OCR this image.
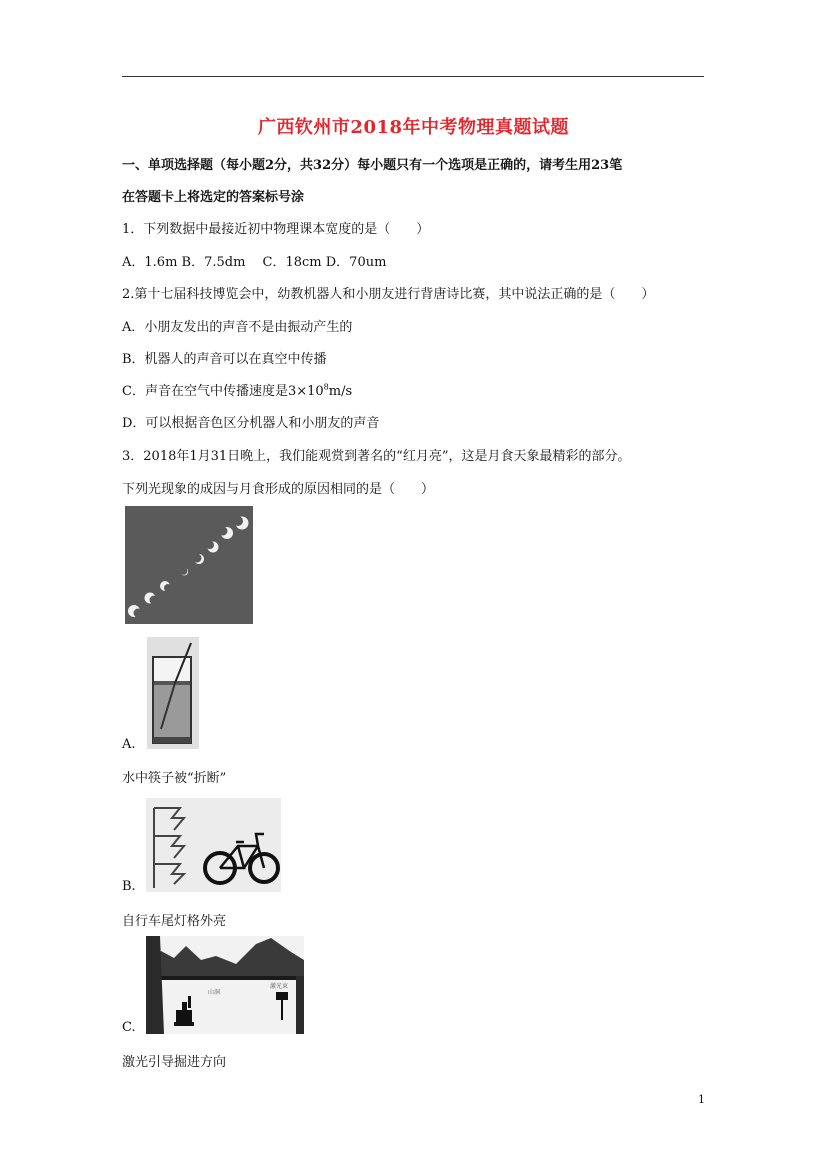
广西钦州市2018年中考物理真题试题
一、单项选择题（每小题2分，共32分）每小题只有一个选项是正确的，请考生用23笔
在答题卡上将选定的答案标号涂
1．下列数据中最接近初中物理课本宽度的是（　　）
A．1.6m B．7.5dm　 C．18cm D．70um
2.第十七届科技博览会中，幼教机器人和小朋友进行背唐诗比赛，其中说法正确的是（　　）
A．小朋友发出的声音不是由振动产生的
B．机器人的声音可以在真空中传播
C．声音在空气中传播速度是$3\times 10^8m/s$
D．可以根据音色区分机器人和小朋友的声音
3．2018年1月31日晚上，我们能观赏到著名的“红月亮”，这是月食天象最精彩的部分。
下列光现象的成因与月食形成的原因相同的是（　　）
A.
水中筷子被“折断”
B.
自行车尾灯格外亮
山洞
激光束
C.
激光引导掘进方向
1
